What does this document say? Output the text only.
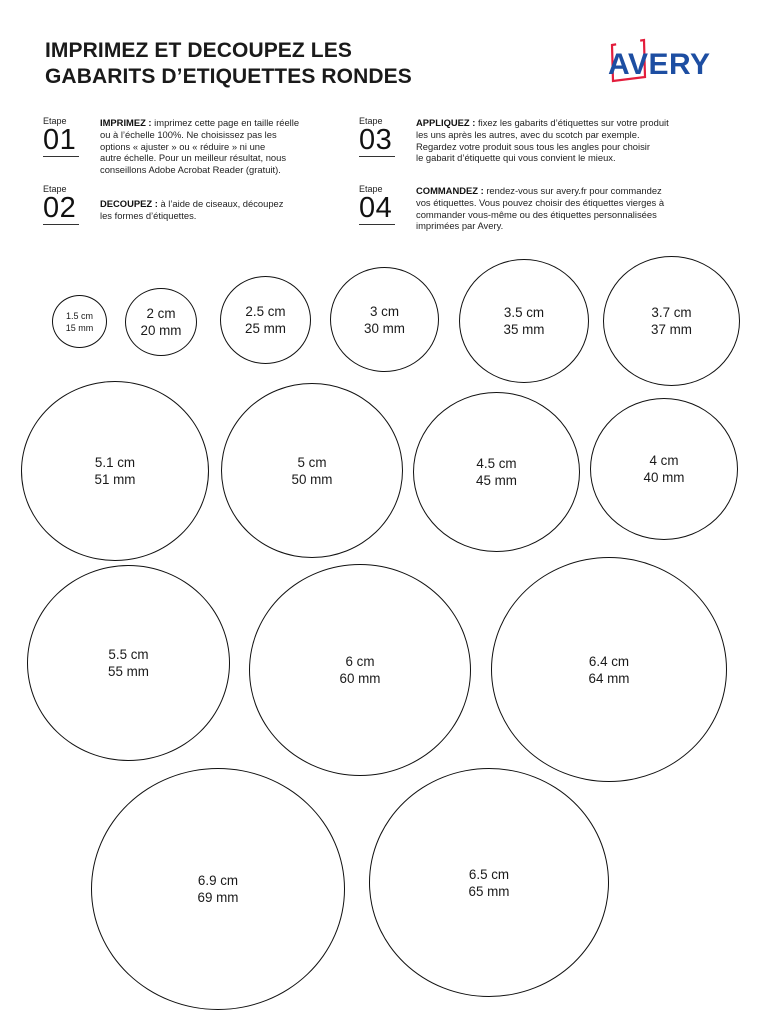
IMPRIMEZ ET DECOUPEZ LES
GABARITS D’ETIQUETTES RONDES	AVERY
Etape
01
IMPRIMEZ : imprimez cette page en taille réelle
ou à l’échelle 100%. Ne choisissez pas les
options « ajuster » ou « réduire » ni une
autre échelle. Pour un meilleur résultat, nous
conseillons Adobe Acrobat Reader (gratuit).
Etape
02	DECOUPEZ : à l’aide de ciseaux, découpez
les formes d’étiquettes.
Etape
03
APPLIQUEZ : fixez les gabarits d’étiquettes sur votre produit
les uns après les autres, avec du scotch par exemple.
Regardez votre produit sous tous les angles pour choisir
le gabarit d’étiquette qui vous convient le mieux.
Etape
04
COMMANDEZ : rendez-vous sur avery.fr pour commandez
vos étiquettes. Vous pouvez choisir des étiquettes vierges à
commander vous-même ou des étiquettes personnalisées
imprimées par Avery.
1.5 cm
15 mm
2 cm
20 mm
2.5 cm
25 mm
3 cm
30 mm
3.5 cm
35 mm
3.7 cm
37 mm
5.1 cm
51 mm
5 cm
50 mm
4.5 cm
45 mm
4 cm
40 mm
5.5 cm
55 mm
6 cm
60 mm
6.4 cm
64 mm
6.9 cm
69 mm
6.5 cm
65 mm
